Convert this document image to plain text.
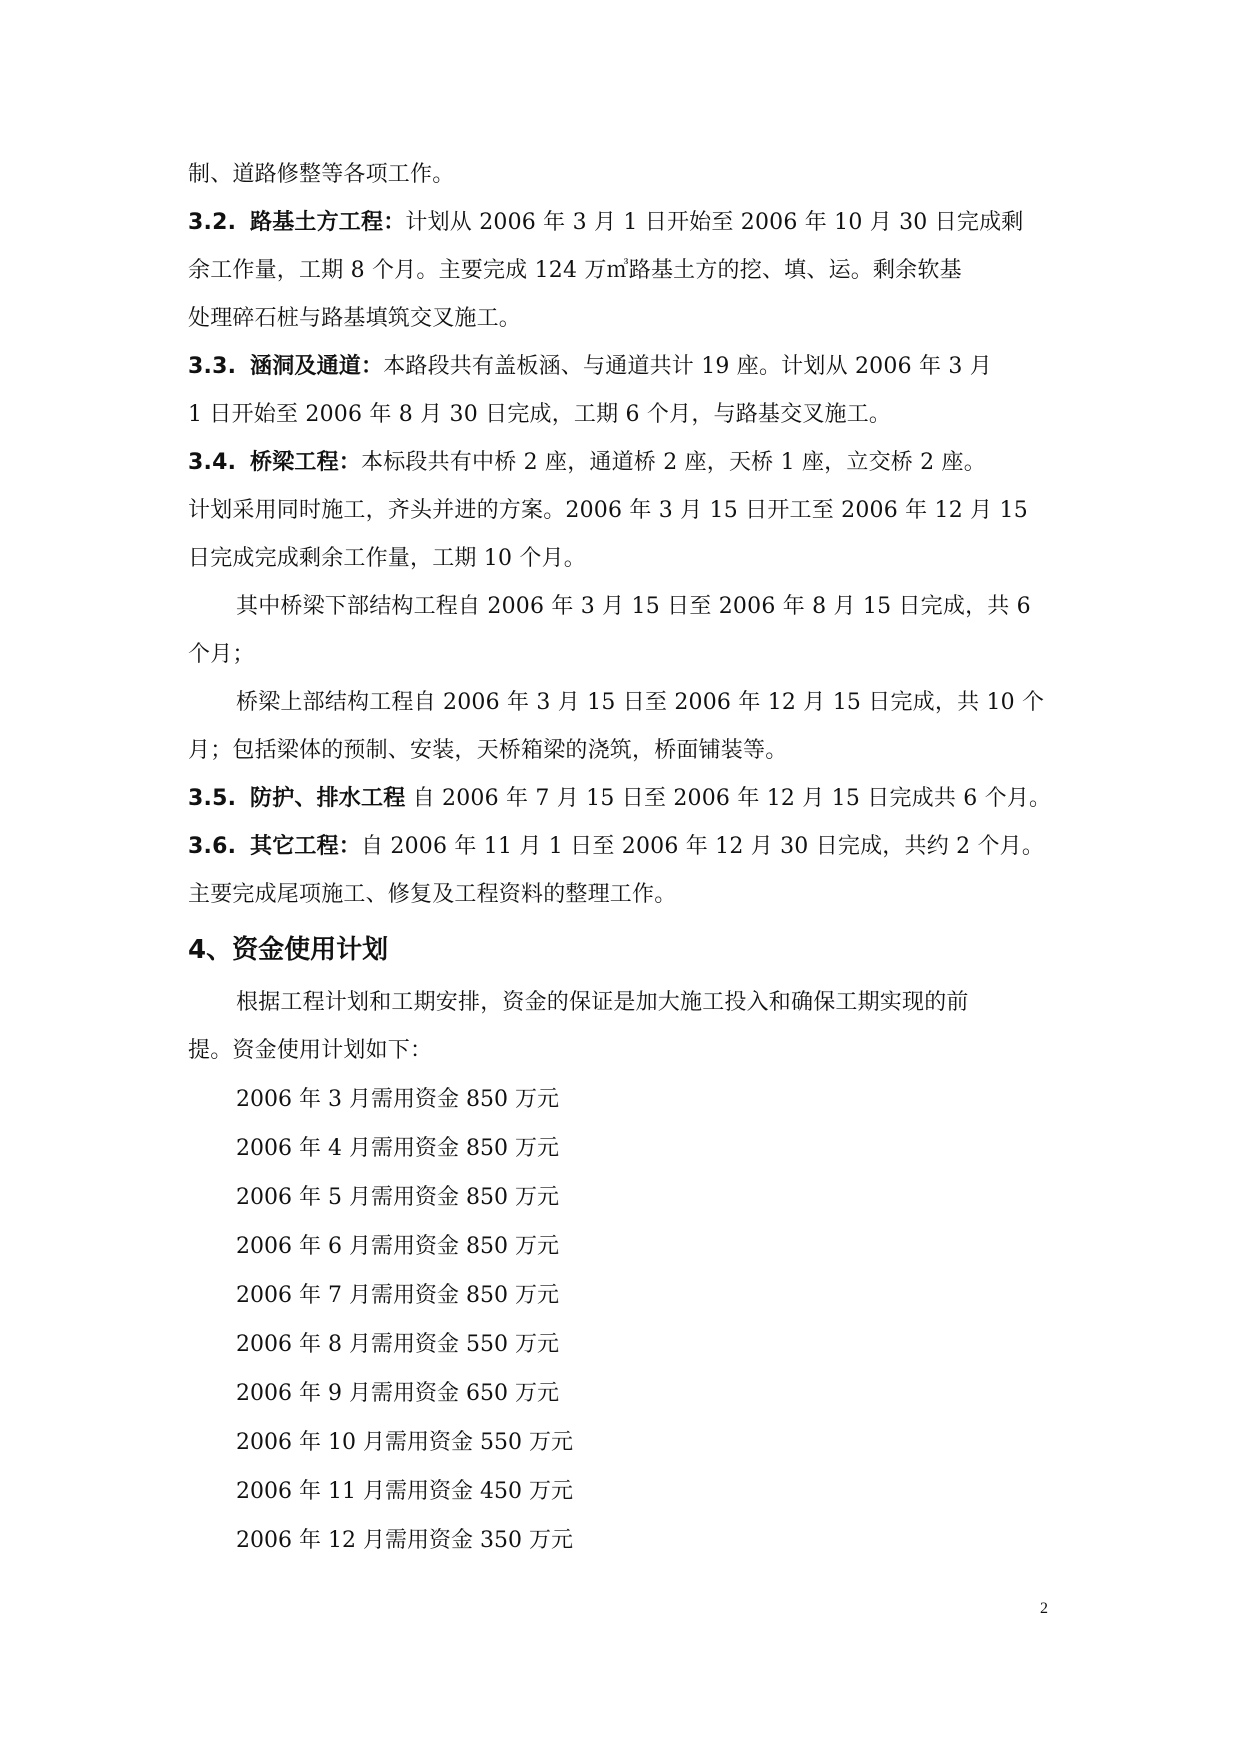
制、道路修整等各项工作。
3.2. 路基土方工程：计划从 2006 年 3 月 1 日开始至 2006 年 10 月 30 日完成剩
余工作量，工期 8 个月。主要完成 124 万㎥路基土方的挖、填、运。剩余软基
处理碎石桩与路基填筑交叉施工。
3.3. 涵洞及通道：本路段共有盖板涵、与通道共计 19 座。计划从 2006 年 3 月
1 日开始至 2006 年 8 月 30 日完成，工期 6 个月，与路基交叉施工。
3.4. 桥梁工程：本标段共有中桥 2 座，通道桥 2 座，天桥 1 座，立交桥 2 座。
计划采用同时施工，齐头并进的方案。2006 年 3 月 15 日开工至 2006 年 12 月 15
日完成完成剩余工作量，工期 10 个月。
其中桥梁下部结构工程自 2006 年 3 月 15 日至 2006 年 8 月 15 日完成，共 6
个月；
桥梁上部结构工程自 2006 年 3 月 15 日至 2006 年 12 月 15 日完成，共 10 个
月；包括梁体的预制、安装，天桥箱梁的浇筑，桥面铺装等。
3.5. 防护、排水工程 自 2006 年 7 月 15 日至 2006 年 12 月 15 日完成共 6 个月。
3.6. 其它工程：自 2006 年 11 月 1 日至 2006 年 12 月 30 日完成，共约 2 个月。
主要完成尾项施工、修复及工程资料的整理工作。
4、资金使用计划
根据工程计划和工期安排，资金的保证是加大施工投入和确保工期实现的前
提。资金使用计划如下：
2006 年 3 月需用资金 850 万元
2006 年 4 月需用资金 850 万元
2006 年 5 月需用资金 850 万元
2006 年 6 月需用资金 850 万元
2006 年 7 月需用资金 850 万元
2006 年 8 月需用资金 550 万元
2006 年 9 月需用资金 650 万元
2006 年 10 月需用资金 550 万元
2006 年 11 月需用资金 450 万元
2006 年 12 月需用资金 350 万元
2
